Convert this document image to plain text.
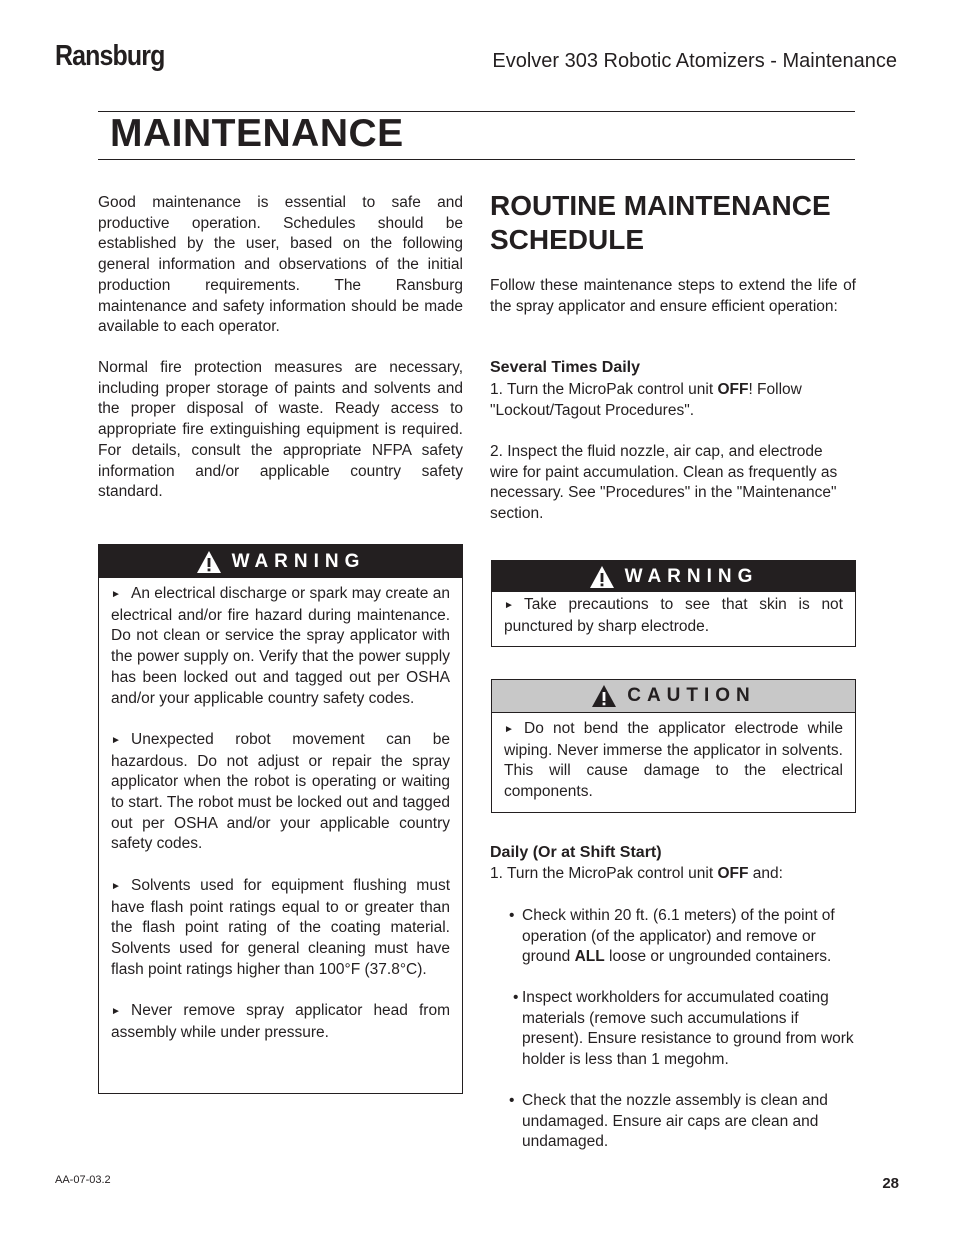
Ransburg	Evolver 303 Robotic Atomizers - Maintenance
MAINTENANCE

Good maintenance is essential to safe and productive operation. Schedules should be established by the user, based on the following general information and observations of the initial production requirements. The Ransburg maintenance and safety information should be made available to each operator.

Normal fire protection measures are necessary, including proper storage of paints and solvents and the proper disposal of waste. Ready access to appropriate fire extinguishing equipment is required. For details, consult the appropriate NFPA safety information and/or applicable country safety standard.

WARNING

► An electrical discharge or spark may create an electrical and/or fire hazard during maintenance. Do not clean or service the spray applicator with the power supply on. Verify that the power supply has been locked out and tagged out per OSHA and/or your applicable country safety codes.

► Unexpected robot movement can be hazardous. Do not adjust or repair the spray applicator when the robot is operating or waiting to start. The robot must be locked out and tagged out per OSHA and/or your applicable country safety codes.

► Solvents used for equipment flushing must have flash point ratings equal to or greater than the flash point rating of the coating material. Solvents used for general cleaning must have flash point ratings higher than 100°F (37.8°C).

► Never remove spray applicator head from assembly while under pressure.

ROUTINE MAINTENANCE SCHEDULE

Follow these maintenance steps to extend the life of the spray applicator and ensure efficient operation:

Several Times Daily

1. Turn the MicroPak control unit OFF! Follow "Lockout/Tagout Procedures".

2. Inspect the fluid nozzle, air cap, and electrode wire for paint accumulation. Clean as frequently as necessary. See "Procedures" in the "Maintenance" section.

WARNING

► Take precautions to see that skin is not punctured by sharp electrode.

CAUTION

► Do not bend the applicator electrode while wiping. Never immerse the applicator in solvents. This will cause damage to the electrical components.

Daily (Or at Shift Start)

1. Turn the MicroPak control unit OFF and:

• Check within 20 ft. (6.1 meters) of the point of operation (of the applicator) and remove or ground ALL loose or ungrounded containers.
• Inspect workholders for accumulated coating materials (remove such accumulations if present). Ensure resistance to ground from work holder is less than 1 megohm.
• Check that the nozzle assembly is clean and undamaged. Ensure air caps are clean and undamaged.
AA-07-03.2	28
